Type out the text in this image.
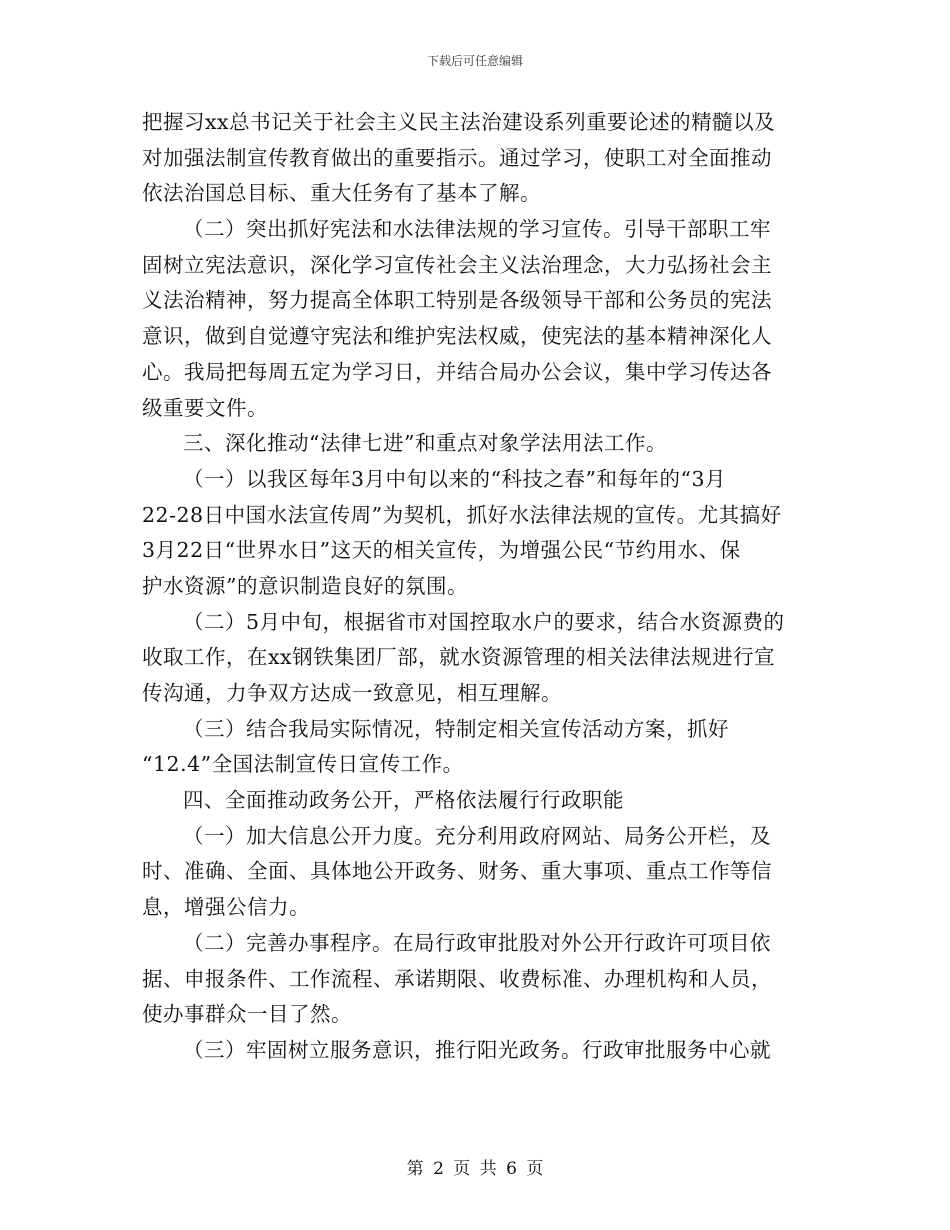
下载后可任意编辑
把握习xx总书记关于社会主义民主法治建设系列重要论述的精髓以及
对加强法制宣传教育做出的重要指示。通过学习，使职工对全面推动
依法治国总目标、重大任务有了基本了解。
（二）突出抓好宪法和水法律法规的学习宣传。引导干部职工牢
固树立宪法意识，深化学习宣传社会主义法治理念，大力弘扬社会主
义法治精神，努力提高全体职工特别是各级领导干部和公务员的宪法
意识，做到自觉遵守宪法和维护宪法权威，使宪法的基本精神深化人
心。我局把每周五定为学习日，并结合局办公会议，集中学习传达各
级重要文件。
三、深化推动“法律七进”和重点对象学法用法工作。
（一）以我区每年3月中旬以来的“科技之春”和每年的“3月
22-28日中国水法宣传周”为契机，抓好水法律法规的宣传。尤其搞好
3月22日“世界水日”这天的相关宣传，为增强公民“节约用水、保
护水资源”的意识制造良好的氛围。
（二）5月中旬，根据省市对国控取水户的要求，结合水资源费的
收取工作，在xx钢铁集团厂部，就水资源管理的相关法律法规进行宣
传沟通，力争双方达成一致意见，相互理解。
（三）结合我局实际情况，特制定相关宣传活动方案，抓好
“12.4”全国法制宣传日宣传工作。
四、全面推动政务公开，严格依法履行行政职能
（一）加大信息公开力度。充分利用政府网站、局务公开栏，及
时、准确、全面、具体地公开政务、财务、重大事项、重点工作等信
息，增强公信力。
（二）完善办事程序。在局行政审批股对外公开行政许可项目依
据、申报条件、工作流程、承诺期限、收费标准、办理机构和人员，
使办事群众一目了然。
（三）牢固树立服务意识，推行阳光政务。行政审批服务中心就
第 2 页 共 6 页
